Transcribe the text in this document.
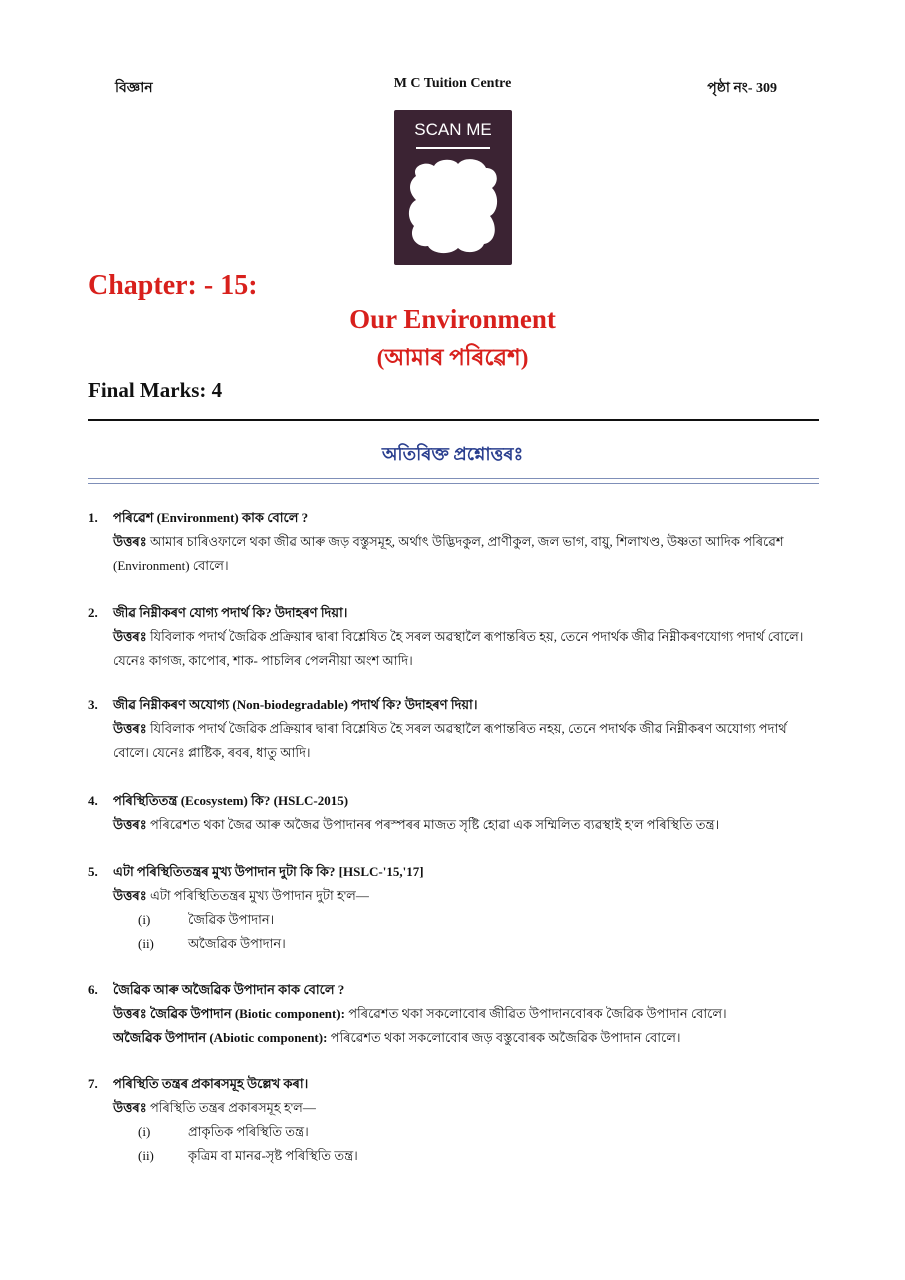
বিজ্ঞান	M C Tuition Centre	পৃষ্ঠা নং- 309
SCAN ME
Chapter: - 15:
Our Environment
(আমাৰ পৰিৱেশ)
Final Marks: 4
অতিৰিক্ত প্ৰশ্নোত্তৰঃ
1.	পৰিৱেশ (Environment) কাক বোলে ?
উত্তৰঃ আমাৰ চাৰিওফালে থকা জীৱ আৰু জড় বস্তুসমূহ, অৰ্থাৎ উদ্ভিদকুল, প্ৰাণীকুল, জল ভাগ, বায়ু, শিলাখণ্ড, উষ্ণতা আদিক পৰিৱেশ (Environment) বোলে।
2.	জীৱ নিম্নীকৰণ যোগ্য পদাৰ্থ কি? উদাহৰণ দিয়া।
উত্তৰঃ যিবিলাক পদাৰ্থ জৈৱিক প্ৰক্ৰিয়াৰ দ্বাৰা বিশ্লেষিত হৈ সৰল অৱস্থালৈ ৰূপান্তৰিত হয়, তেনে পদাৰ্থক জীৱ নিম্নীকৰণযোগ্য পদাৰ্থ বোলে। যেনেঃ কাগজ, কাপোৰ, শাক- পাচলিৰ পেলনীয়া অংশ আদি।
3.	জীৱ নিম্নীকৰণ অযোগ্য (Non-biodegradable) পদাৰ্থ কি? উদাহৰণ দিয়া।
উত্তৰঃ যিবিলাক পদাৰ্থ জৈৱিক প্ৰক্ৰিয়াৰ দ্বাৰা বিশ্লেষিত হৈ সৰল অৱস্থালৈ ৰূপান্তৰিত নহয়, তেনে পদাৰ্থক জীৱ নিম্নীকৰণ অযোগ্য পদাৰ্থ বোলে। যেনেঃ প্লাষ্টিক, ৰবৰ, ধাতু আদি।
4.	পৰিস্থিতিতন্ত্ৰ (Ecosystem) কি? (HSLC-2015)
উত্তৰঃ পৰিৱেশত থকা জৈৱ আৰু অজৈৱ উপাদানৰ পৰস্পৰৰ মাজত সৃষ্টি হোৱা এক সম্মিলিত ব্যৱস্থাই হ'ল পৰিস্থিতি তন্ত্ৰ।
5.	এটা পৰিস্থিতিতন্ত্ৰৰ মুখ্য উপাদান দুটা কি কি? [HSLC-'15,'17]
উত্তৰঃ এটা পৰিস্থিতিতন্ত্ৰৰ মুখ্য উপাদান দুটা হ'ল—
(i)	জৈৱিক উপাদান।
(ii)	অজৈৱিক উপাদান।
6.	জৈৱিক আৰু অজৈৱিক উপাদান কাক বোলে ?
উত্তৰঃ জৈৱিক উপাদান (Biotic component): পৰিৱেশত থকা সকলোবোৰ জীৱিত উপাদানবোৰক জৈৱিক উপাদান বোলে।
অজৈৱিক উপাদান (Abiotic component): পৰিৱেশত থকা সকলোবোৰ জড় বস্তুবোৰক অজৈৱিক উপাদান বোলে।
7.	পৰিস্থিতি তন্ত্ৰৰ প্ৰকাৰসমূহ উল্লেখ কৰা।
উত্তৰঃ পৰিস্থিতি তন্ত্ৰৰ প্ৰকাৰসমূহ হ'ল—
(i)	প্ৰাকৃতিক পৰিস্থিতি তন্ত্ৰ।
(ii)	কৃত্ৰিম বা মানৱ-সৃষ্ট পৰিস্থিতি তন্ত্ৰ।
